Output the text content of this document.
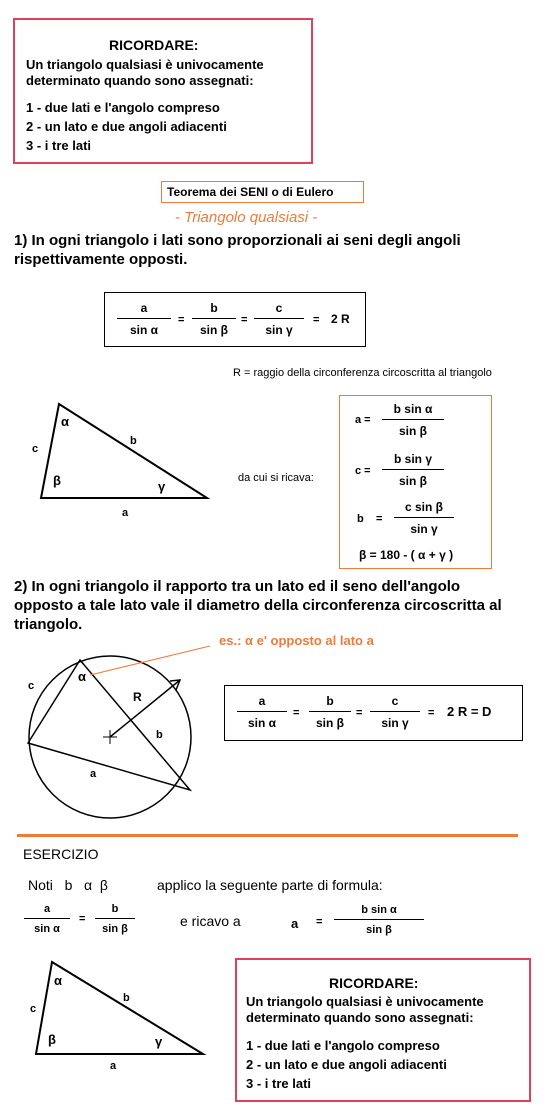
RICORDARE:
Un triangolo qualsiasi è univocamente
determinato quando sono assegnati:
1 - due lati e l'angolo compreso
2 - un lato e due angoli adiacenti
3 - i tre lati
Teorema dei SENI o di Eulero
- Triangolo qualsiasi -
1) In ogni triangolo i lati sono proporzionali ai seni degli angoli
rispettivamente opposti.
a
sin α
=
b
sin β
=
c
sin γ
= 2 R
R = raggio della circonferenza circoscritta al triangolo
α
β	γ
c
b
a
da cui si ricava:
a =
b sin α
sin β
c =
b sin γ
sin β
b =
c sin β
sin γ
β = 180 - ( α + γ )
2) In ogni triangolo il rapporto tra un lato ed il seno dell'angolo
opposto a tale lato vale il diametro della circonferenza circoscritta al
triangolo.
es.: α e' opposto al lato a
c
α
R
b
a
a
sin α
=
b
sin β
=
c
sin γ
= 2 R = D
ESERCIZIO
Noti   b   α  β	applico la seguente parte di formula:
a
sin α
=
b
sin β	e ricavo a	a =
b sin α
sin β
α
β	γ
c
b
a
RICORDARE:
Un triangolo qualsiasi è univocamente
determinato quando sono assegnati:
1 - due lati e l'angolo compreso
2 - un lato e due angoli adiacenti
3 - i tre lati
